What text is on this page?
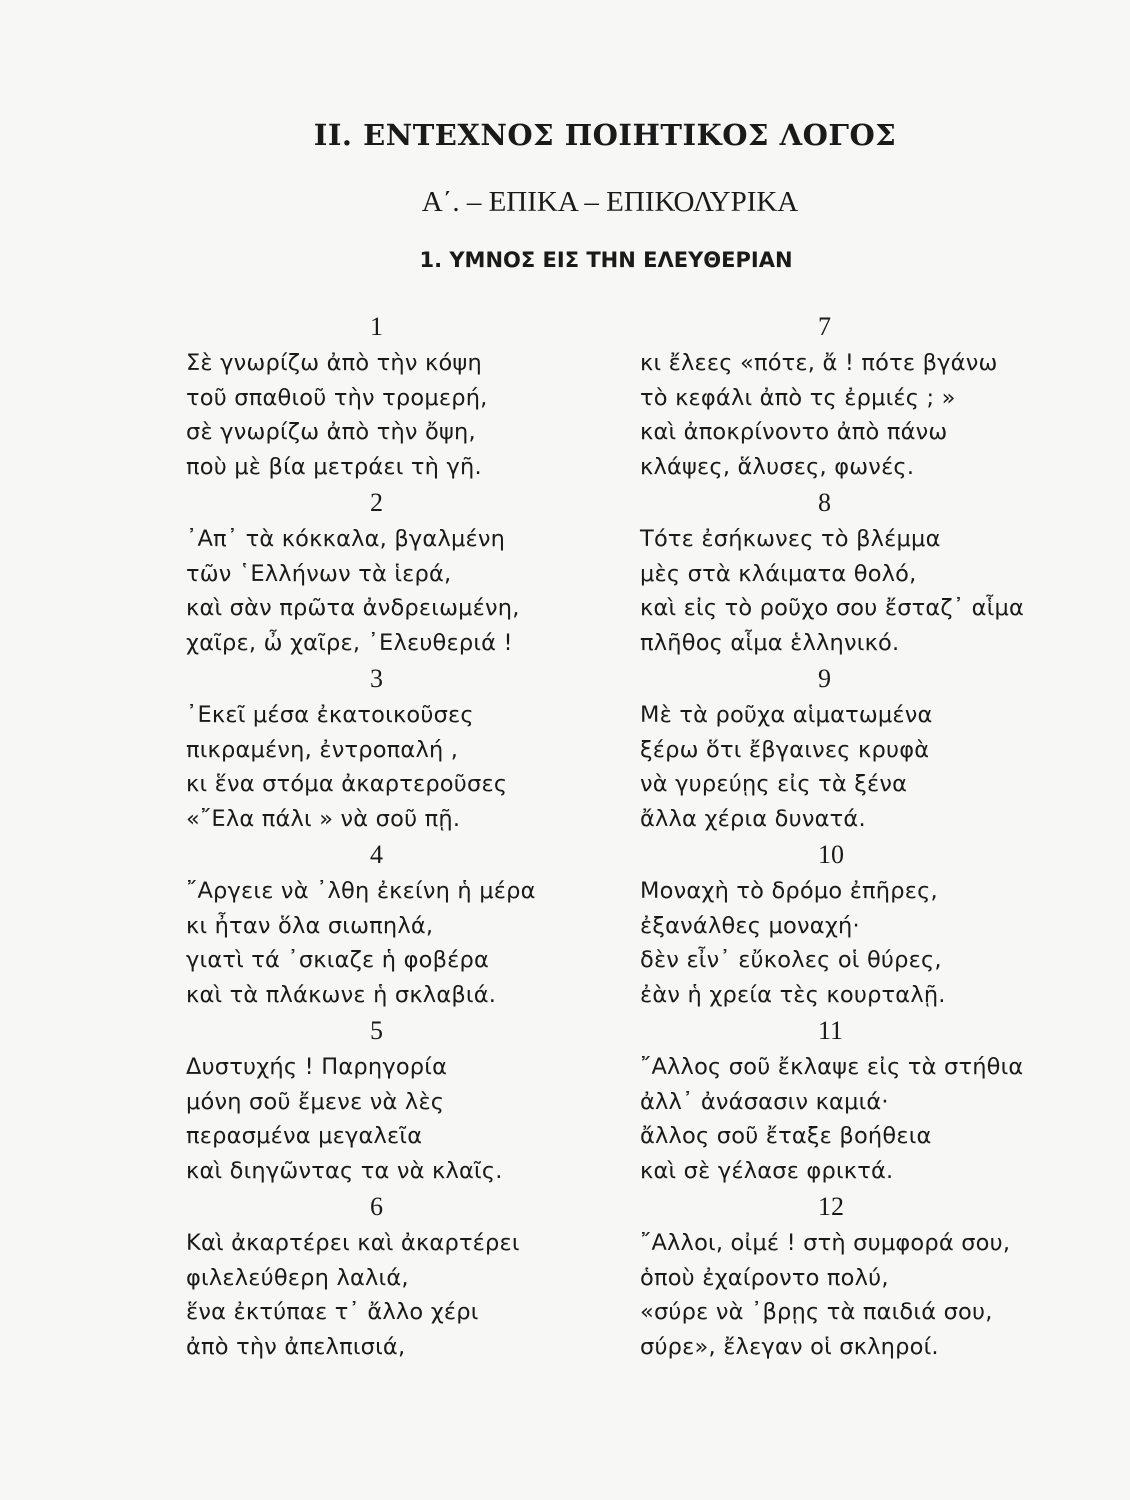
II. ΕΝΤΕΧΝΟΣ ΠΟΙΗΤΙΚΟΣ ΛΟΓΟΣ
Α΄. – ΕΠΙΚΑ – ΕΠΙΚΟΛΥΡΙΚΑ
1. ΥΜΝΟΣ ΕΙΣ ΤΗΝ ΕΛΕΥΘΕΡΙΑΝ
1
Σὲ γνωρίζω ἀπὸ τὴν κόψη
τοῦ σπαθιοῦ τὴν τρομερή,
σὲ γνωρίζω ἀπὸ τὴν ὄψη,
ποὺ μὲ βία μετράει τὴ γῆ.
2
᾿Απ᾿ τὰ κόκκαλα, βγαλμένη
τῶν ῾Ελλήνων τὰ ἱερά,
καὶ σὰν πρῶτα ἀνδρειωμένη,
χαῖρε, ὦ χαῖρε, ᾿Ελευθεριά !
3
᾿Εκεῖ μέσα ἐκατοικοῦσες
πικραμένη, ἐντροπαλή ,
κι ἕνα στόμα ἀκαρτεροῦσες
«῎Ελα πάλι » νὰ σοῦ πῇ.
4
῎Αργειε νὰ ᾿λθη ἐκείνη ἡ μέρα
κι ἦταν ὅλα σιωπηλά,
γιατὶ τά ᾿σκιαζε ἡ φοβέρα
καὶ τὰ πλάκωνε ἡ σκλαβιά.
5
Δυστυχής ! Παρηγορία
μόνη σοῦ ἔμενε νὰ λὲς
περασμένα μεγαλεῖα
καὶ διηγῶντας τα νὰ κλαῖς.
6
Καὶ ἀκαρτέρει καὶ ἀκαρτέρει
φιλελεύθερη λαλιά,
ἕνα ἐκτύπαε τ᾿ ἄλλο χέρι
ἀπὸ τὴν ἀπελπισιά,
7
κι ἔλεες «πότε, ἄ ! πότε βγάνω
τὸ κεφάλι ἀπὸ τς ἐρμιές ; »
καὶ ἀποκρίνοντο ἀπὸ πάνω
κλάψες, ἅλυσες, φωνές.
8
Τότε ἐσήκωνες τὸ βλέμμα
μὲς στὰ κλάιματα θολό,
καὶ εἰς τὸ ροῦχο σου ἔσταζ᾿ αἷμα
πλῆθος αἷμα ἑλληνικό.
9
Μὲ τὰ ροῦχα αἱματωμένα
ξέρω ὅτι ἔβγαινες κρυφὰ
νὰ γυρεύῃς εἰς τὰ ξένα
ἄλλα χέρια δυνατά.
10
Μοναχὴ τὸ δρόμο ἐπῆρες,
ἐξανάλθες μοναχή·
δὲν εἶν᾿ εὔκολες οἱ θύρες,
ἐὰν ἡ χρεία τὲς κουρταλῇ.
11
῎Αλλος σοῦ ἔκλαψε εἰς τὰ στήθια
ἀλλ᾿ ἀνάσασιν καμιά·
ἄλλος σοῦ ἔταξε βοήθεια
καὶ σὲ γέλασε φρικτά.
12
῎Αλλοι, οἰμέ ! στὴ συμφορά σου,
ὁποὺ ἐχαίροντο πολύ,
«σύρε νὰ ᾿βρῃς τὰ παιδιά σου,
σύρε», ἔλεγαν οἱ σκληροί.
